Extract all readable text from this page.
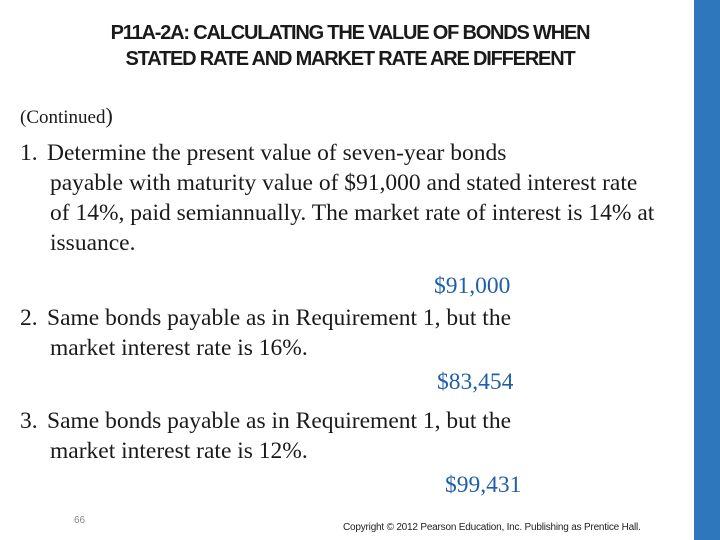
P11A-2A: CALCULATING THE VALUE OF BONDS WHEN
STATED RATE AND MARKET RATE ARE DIFFERENT
(Continued)
1. Determine the present value of seven-year bonds
payable with maturity value of $91,000 and stated interest rate of 14%, paid semiannually. The market rate of interest is 14% at issuance.
$91,000
2. Same bonds payable as in Requirement 1, but the
market interest rate is 16%.
$83,454
3. Same bonds payable as in Requirement 1, but the
market interest rate is 12%.
$99,431
66
Copyright © 2012 Pearson Education, Inc. Publishing as Prentice Hall.
